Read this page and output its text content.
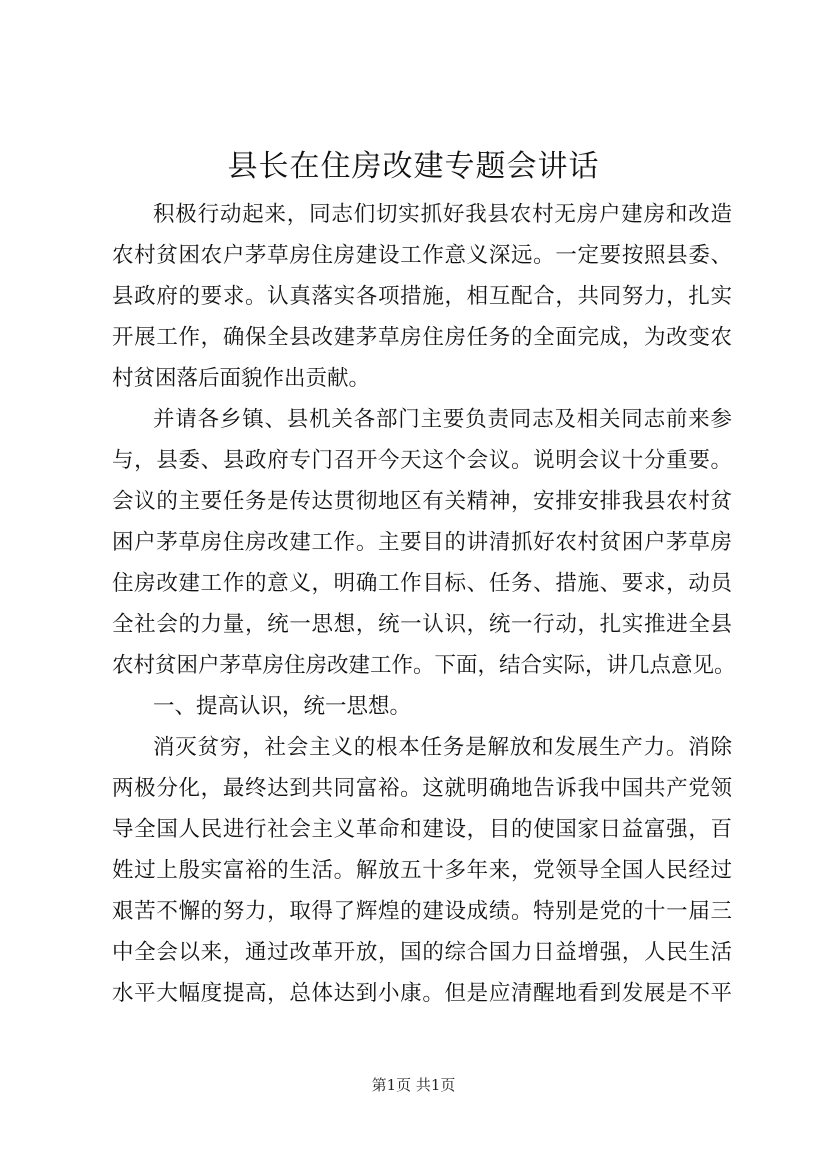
县长在住房改建专题会讲话
积极行动起来，同志们切实抓好我县农村无房户建房和改造
农村贫困农户茅草房住房建设工作意义深远。一定要按照县委、
县政府的要求。认真落实各项措施，相互配合，共同努力，扎实
开展工作，确保全县改建茅草房住房任务的全面完成，为改变农
村贫困落后面貌作出贡献。
并请各乡镇、县机关各部门主要负责同志及相关同志前来参
与，县委、县政府专门召开今天这个会议。说明会议十分重要。
会议的主要任务是传达贯彻地区有关精神，安排安排我县农村贫
困户茅草房住房改建工作。主要目的讲清抓好农村贫困户茅草房
住房改建工作的意义，明确工作目标、任务、措施、要求，动员
全社会的力量，统一思想，统一认识，统一行动，扎实推进全县
农村贫困户茅草房住房改建工作。下面，结合实际，讲几点意见。
一、提高认识，统一思想。
消灭贫穷，社会主义的根本任务是解放和发展生产力。消除
两极分化，最终达到共同富裕。这就明确地告诉我中国共产党领
导全国人民进行社会主义革命和建设，目的使国家日益富强，百
姓过上殷实富裕的生活。解放五十多年来，党领导全国人民经过
艰苦不懈的努力，取得了辉煌的建设成绩。特别是党的十一届三
中全会以来，通过改革开放，国的综合国力日益增强，人民生活
水平大幅度提高，总体达到小康。但是应清醒地看到发展是不平
第1页 共1页
